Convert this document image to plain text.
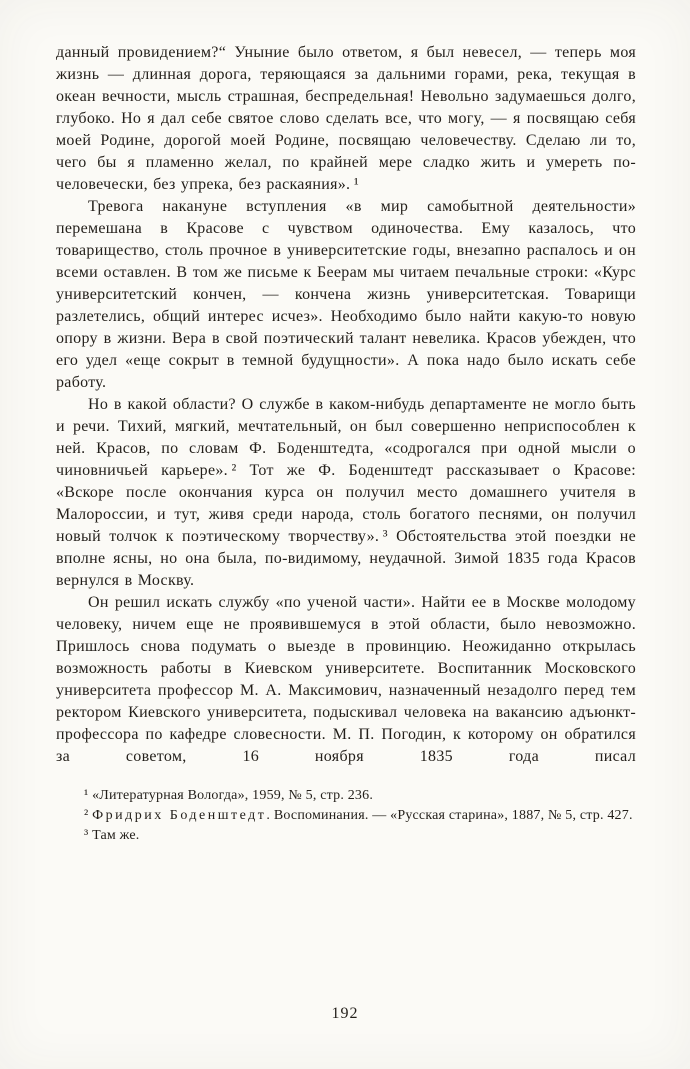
данный провидением?“ Уныние было ответом, я был невесел, — теперь моя жизнь — длинная дорога, теряющаяся за дальними горами, река, текущая в океан вечности, мысль страшная, беспредельная! Невольно задумаешься долго, глубоко. Но я дал себе святое слово сделать все, что могу, — я посвящаю себя моей Родине, дорогой моей Родине, посвящаю человечеству. Сделаю ли то, чего бы я пламенно желал, по крайней мере сладко жить и умереть по-человечески, без упрека, без раскаяния». ¹

Тревога накануне вступления «в мир самобытной деятельности» перемешана в Красове с чувством одиночества. Ему казалось, что товарищество, столь прочное в университетские годы, внезапно распалось и он всеми оставлен. В том же письме к Беерам мы читаем печальные строки: «Курс университетский кончен, — кончена жизнь университетская. Товарищи разлетелись, общий интерес исчез». Необходимо было найти какую-то новую опору в жизни. Вера в свой поэтический талант невелика. Красов убежден, что его удел «еще сокрыт в темной будущности». А пока надо было искать себе работу.

Но в какой области? О службе в каком-нибудь департаменте не могло быть и речи. Тихий, мягкий, мечтательный, он был совершенно неприспособлен к ней. Красов, по словам Ф. Боденштедта, «содрогался при одной мысли о чиновничьей карьере». ² Тот же Ф. Боденштедт рассказывает о Красове: «Вскоре после окончания курса он получил место домашнего учителя в Малороссии, и тут, живя среди народа, столь богатого песнями, он получил новый толчок к поэтическому творчеству». ³ Обстоятельства этой поездки не вполне ясны, но она была, по-видимому, неудачной. Зимой 1835 года Красов вернулся в Москву.

Он решил искать службу «по ученой части». Найти ее в Москве молодому человеку, ничем еще не проявившемуся в этой области, было невозможно. Пришлось снова подумать о выезде в провинцию. Неожиданно открылась возможность работы в Киевском университете. Воспитанник Московского университета профессор М. А. Максимович, назначенный незадолго перед тем ректором Киевского университета, подыскивал человека на вакансию адъюнкт-профессора по кафедре словесности. М. П. Погодин, к которому он обратился за советом, 16 ноября 1835 года писал

¹ «Литературная Вологда», 1959, № 5, стр. 236.

² Фридрих Боденштедт. Воспоминания. — «Русская старина», 1887, № 5, стр. 427.

³ Там же.

192
